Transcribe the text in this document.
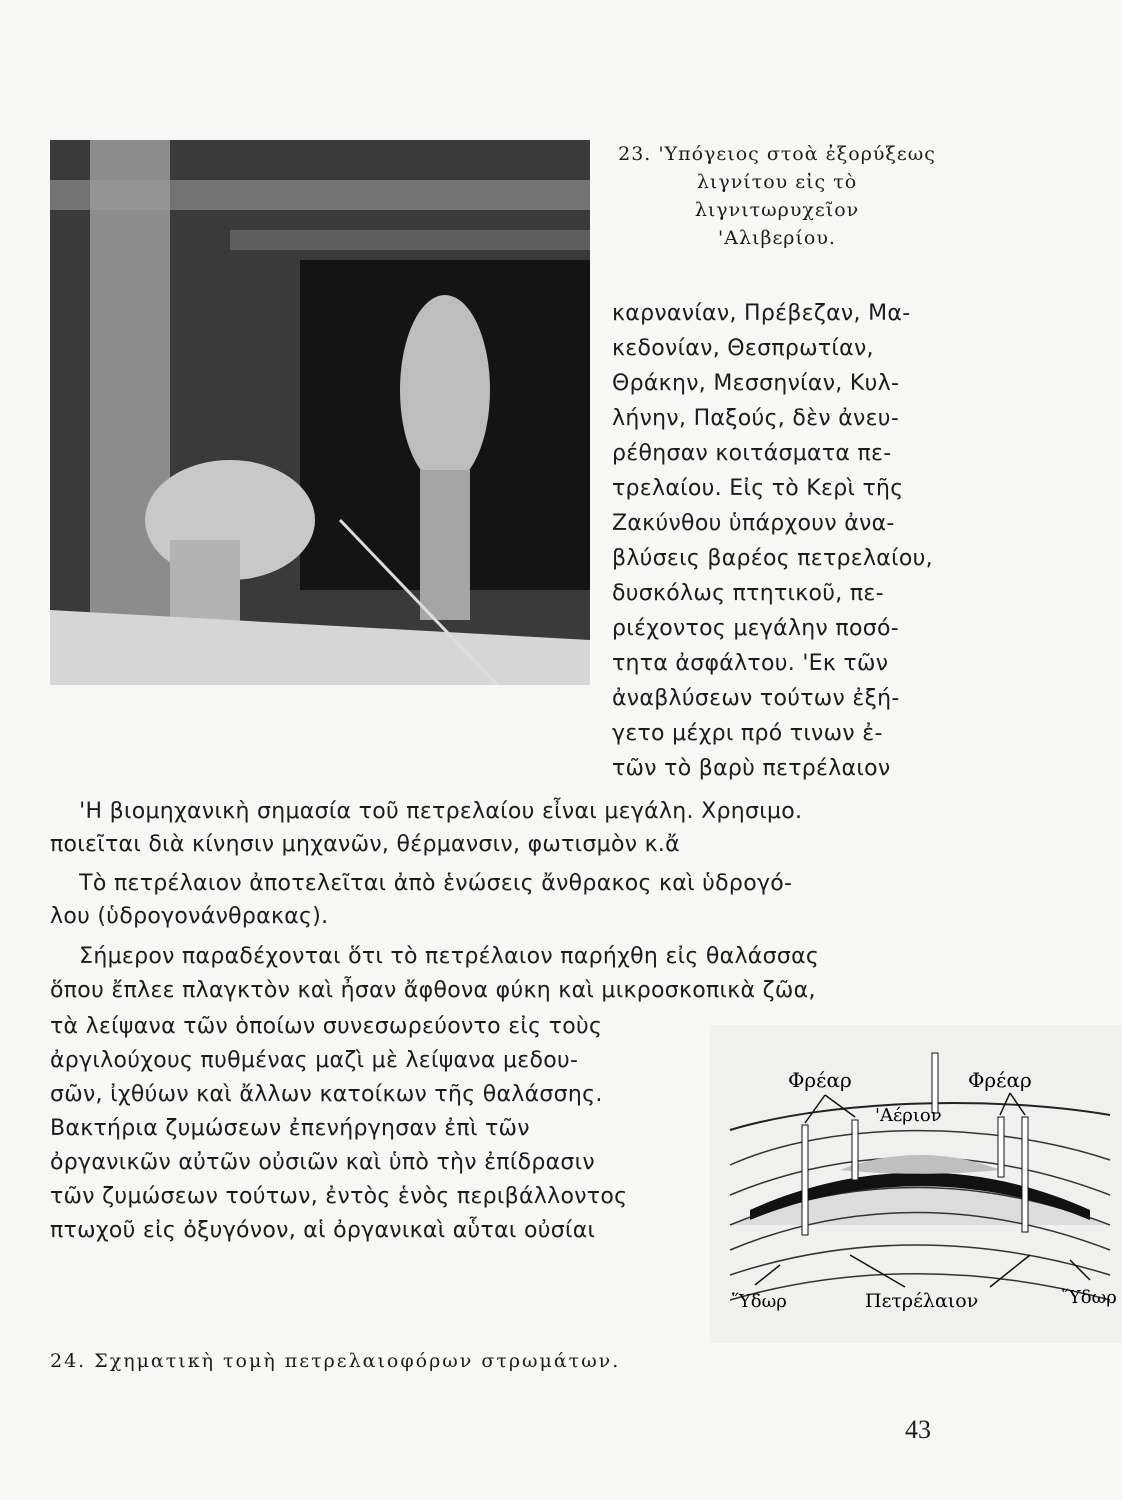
23. 'Υπόγειος στοὰ ἐξορύξεως
λιγνίτου εἰς τὸ λιγνιτωρυχεῖον
'Αλιβερίου.
καρνανίαν, Πρέβεζαν, Μα-
κεδονίαν, Θεσπρωτίαν,
Θράκην, Μεσσηνίαν, Κυλ-
λήνην, Παξούς, δὲν ἀνευ-
ρέθησαν κοιτάσματα πε-
τρελαίου. Εἰς τὸ Κερὶ τῆς
Ζακύνθου ὑπάρχουν ἀνα-
βλύσεις βαρέος πετρελαίου,
δυσκόλως πτητικοῦ, πε-
ριέχοντος μεγάλην ποσό-
τητα ἀσφάλτου. 'Εκ τῶν
ἀναβλύσεων τούτων ἐξή-
γετο μέχρι πρό τινων ἐ-
τῶν τὸ βαρὺ πετρέλαιον
'Η βιομηχανικὴ σημασία τοῦ πετρελαίου εἶναι μεγάλη. Χρησιμο.
ποιεῖται διὰ κίνησιν μηχανῶν, θέρμανσιν, φωτισμὸν κ.ἄ
Τὸ πετρέλαιον ἀποτελεῖται ἀπὸ ἑνώσεις ἄνθρακος καὶ ὑδρογό-
λου (ὑδρογονάνθρακας).
Σήμερον παραδέχονται ὅτι τὸ πετρέλαιον παρήχθη εἰς θαλάσσας
ὅπου ἔπλεε πλαγκτὸν καὶ ἦσαν ἄφθονα φύκη καὶ μικροσκοπικὰ ζῶα,
τὰ λείψανα τῶν ὁποίων συνεσωρεύοντο εἰς τοὺς
ἀργιλούχους πυθμένας μαζὶ μὲ λείψανα μεδου-
σῶν, ἰχθύων καὶ ἄλλων κατοίκων τῆς θαλάσσης.
Βακτήρια ζυμώσεων ἐπενήργησαν ἐπὶ τῶν
ὀργανικῶν αὐτῶν οὐσιῶν καὶ ὑπὸ τὴν ἐπίδρασιν
τῶν ζυμώσεων τούτων, ἐντὸς ἑνὸς περιβάλλοντος
πτωχοῦ εἰς ὀξυγόνον, αἱ ὀργανικαὶ αὗται οὐσίαι
Φρέαρ	Φρέαρ
'Αέριον
Ὕδωρ	Πετρέλαιον	Ὕδωρ
24. Σχηματικὴ τομὴ πετρελαιοφόρων στρωμάτων.
43
